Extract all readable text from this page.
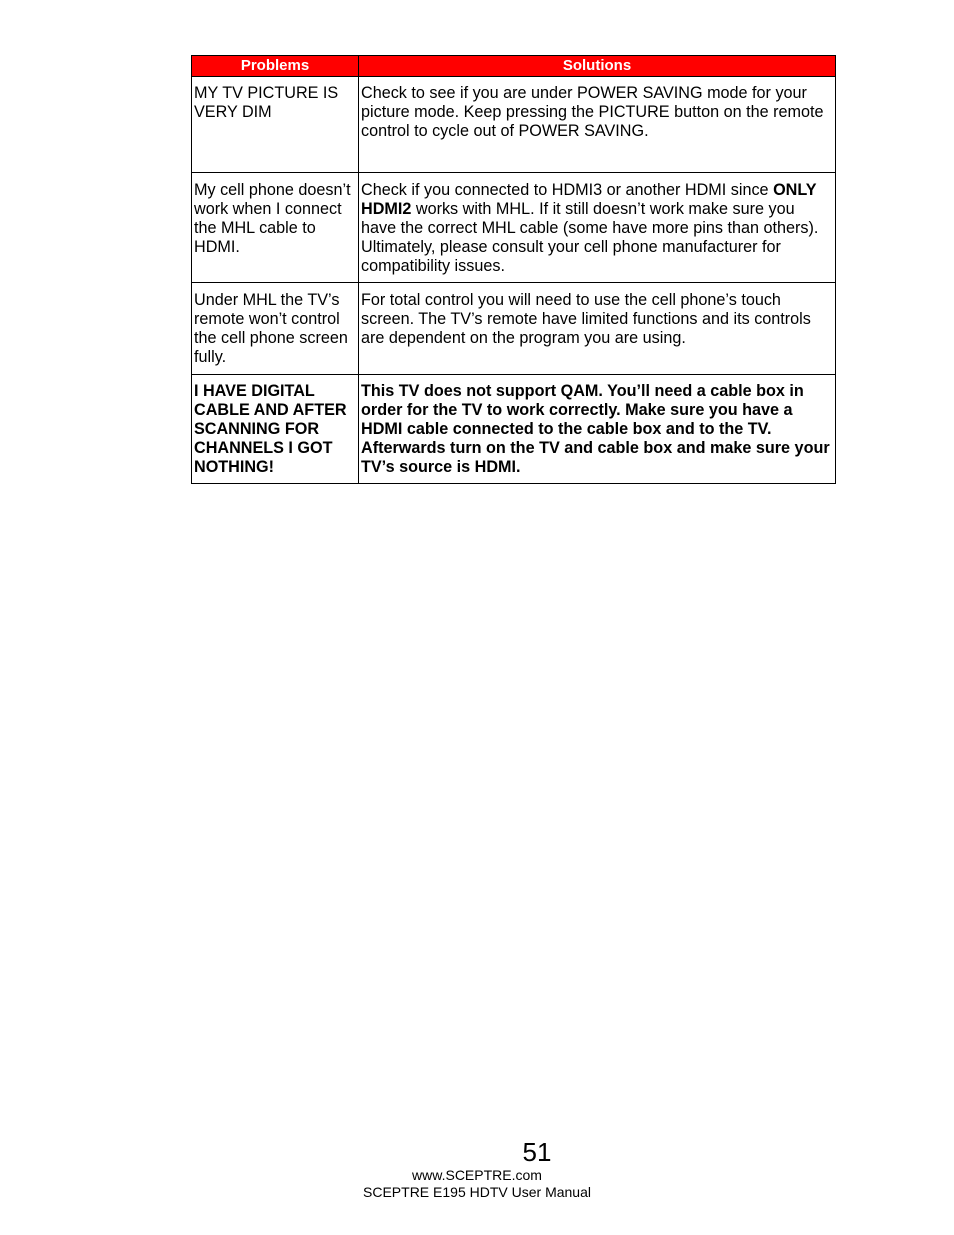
Problems	Solutions
MY TV PICTURE IS VERY DIM	Check to see if you are under POWER SAVING mode for your picture mode. Keep pressing the PICTURE button on the remote control to cycle out of POWER SAVING.
My cell phone doesn’t work when I connect the MHL cable to HDMI.	Check if you connected to HDMI3 or another HDMI since ONLY HDMI2 works with MHL. If it still doesn’t work make sure you have the correct MHL cable (some have more pins than others). Ultimately, please consult your cell phone manufacturer for compatibility issues.
Under MHL the TV’s remote won’t control the cell phone screen fully.	For total control you will need to use the cell phone’s touch screen. The TV’s remote have limited functions and its controls are dependent on the program you are using.
I HAVE DIGITAL CABLE AND AFTER SCANNING FOR CHANNELS I GOT NOTHING!	This TV does not support QAM. You’ll need a cable box in order for the TV to work correctly. Make sure you have a HDMI cable connected to the cable box and to the TV. Afterwards turn on the TV and cable box and make sure your TV’s source is HDMI.
51
www.SCEPTRE.com
SCEPTRE E195 HDTV User Manual
